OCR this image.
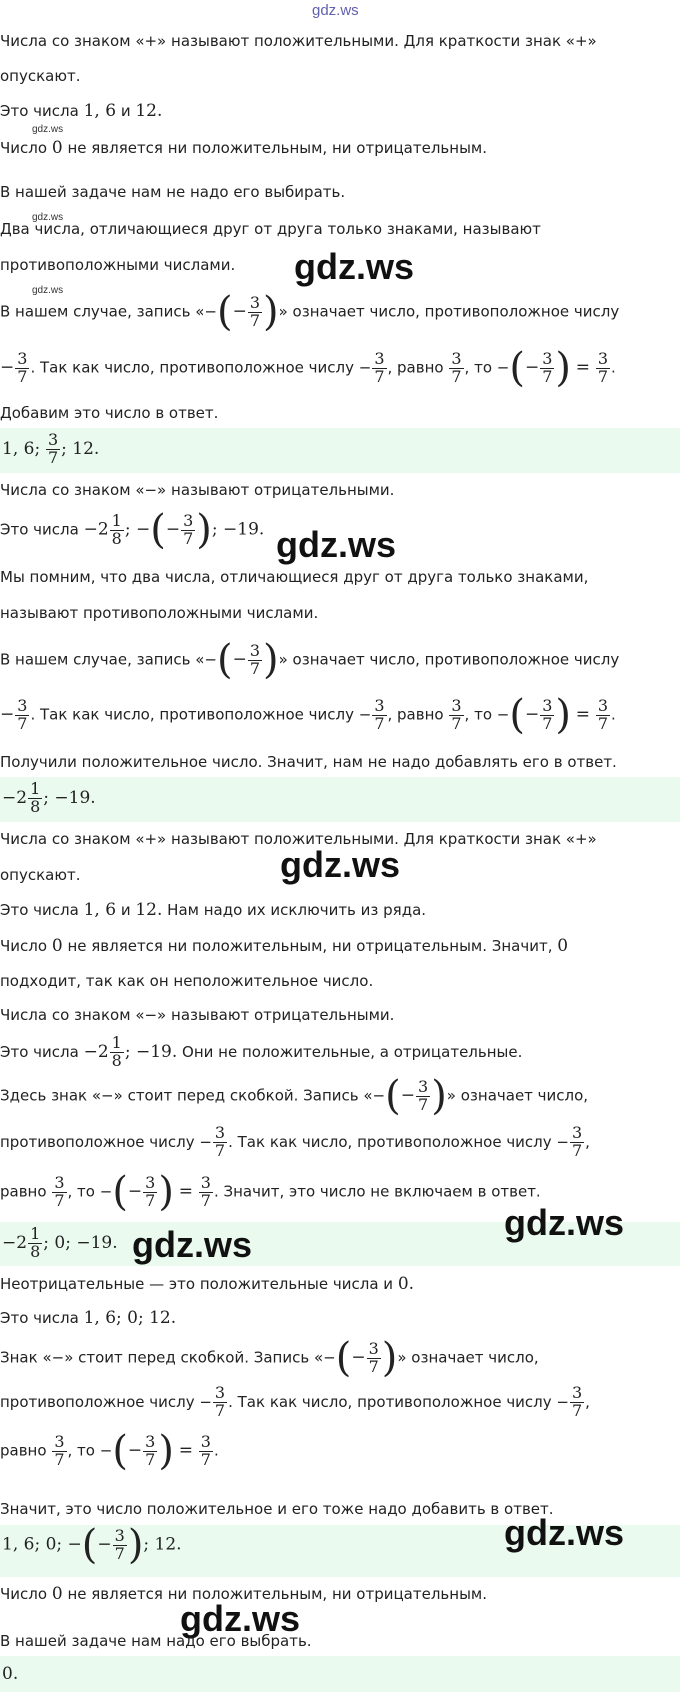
gdz.ws
Числа со знаком «+» называют положительными. Для краткости знак «+»
опускают.
Это числа 1, 6 и 12.
gdz.ws
Число 0 не является ни положительным, ни отрицательным.
В нашей задаче нам не надо его выбирать.
gdz.ws
Два числа, отличающиеся друг от друга только знаками, называют
противоположными числами. gdz.ws
gdz.ws
В нашем случае, запись «−(− $\frac{3}{7}$ )» означает число, противоположное числу
− $\frac{3}{7}$ . Так как число, противоположное числу − $\frac{3}{7}$ , равно $\frac{3}{7}$ , то −(− $\frac{3}{7}$ ) = $\frac{3}{7}$ .
Добавим это число в ответ.
1, 6; $\frac{3}{7}$ ; 12.
Числа со знаком «−» называют отрицательными.
Это числа $-2 \frac{1}{8}$ ; −(− $\frac{3}{7}$ ); −19. gdz.ws
Мы помним, что два числа, отличающиеся друг от друга только знаками,
называют противоположными числами.
В нашем случае, запись «−(− $\frac{3}{7}$ )» означает число, противоположное числу
− $\frac{3}{7}$ . Так как число, противоположное числу − $\frac{3}{7}$ , равно $\frac{3}{7}$ , то −(− $\frac{3}{7}$ ) = $\frac{3}{7}$ .
Получили положительное число. Значит, нам не надо добавлять его в ответ.
$-2 \frac{1}{8}$ ; −19.
Числа со знаком «+» называют положительными. Для краткости знак «+»
gdz.ws
опускают.
Это числа 1, 6 и 12. Нам надо их исключить из ряда.
Число 0 не является ни положительным, ни отрицательным. Значит, 0
подходит, так как он неположительное число.
Числа со знаком «−» называют отрицательными.
Это числа $-2 \frac{1}{8}$ ; −19. Они не положительные, а отрицательные.
Здесь знак «−» стоит перед скобкой. Запись «−(− $\frac{3}{7}$ )» означает число,
противоположное числу − $\frac{3}{7}$ . Так как число, противоположное числу − $\frac{3}{7}$ ,
равно $\frac{3}{7}$ , то −(− $\frac{3}{7}$ ) = $\frac{3}{7}$ . Значит, это число не включаем в ответ.
$-2 \frac{1}{8}$ ; 0; −19.	gdz.ws
gdz.ws
Неотрицательные — это положительные числа и 0.
Это числа 1, 6; 0; 12.
Знак «−» стоит перед скобкой. Запись «−(− $\frac{3}{7}$ )» означает число,
противоположное числу − $\frac{3}{7}$ . Так как число, противоположное числу − $\frac{3}{7}$ ,
равно $\frac{3}{7}$ , то −(− $\frac{3}{7}$ ) = $\frac{3}{7}$ .
Значит, это число положительное и его тоже надо добавить в ответ.
1, 6; 0; −(− $\frac{3}{7}$ ); 12.	gdz.ws
Число 0 не является ни положительным, ни отрицательным.
gdz.ws
В нашей задаче нам надо его выбрать.
0.
